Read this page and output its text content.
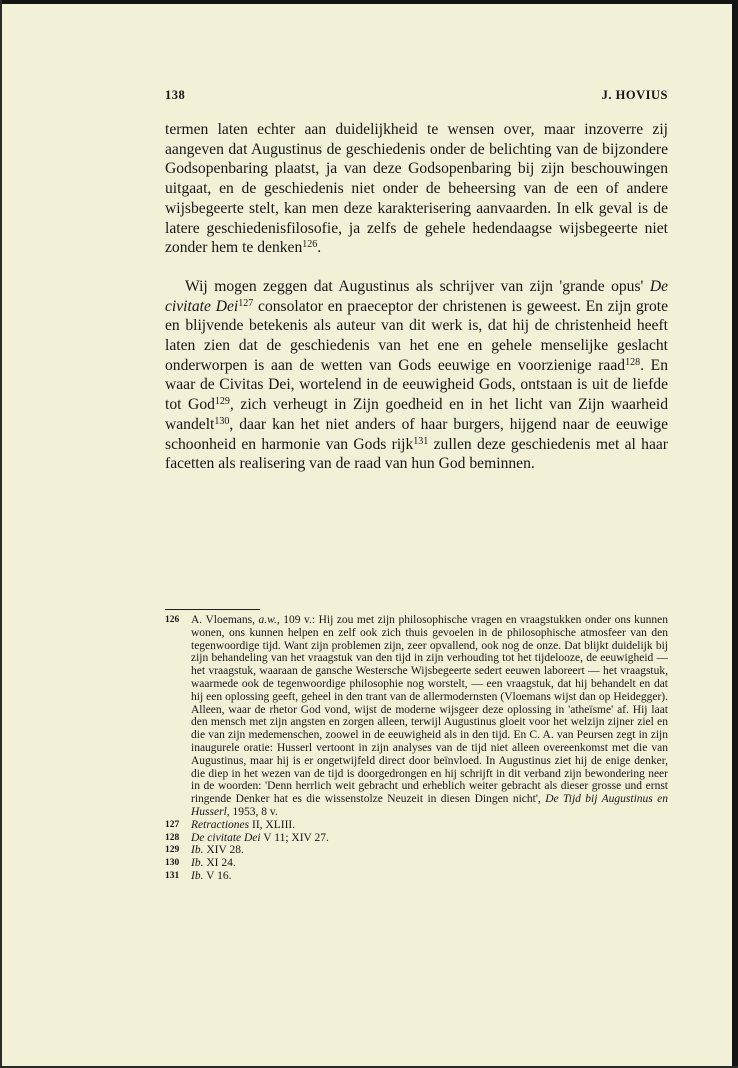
138	J. HOVIUS

termen laten echter aan duidelijkheid te wensen over, maar inzoverre zij aangeven dat Augustinus de geschiedenis onder de belichting van de bijzondere Godsopenbaring plaatst, ja van deze Godsopenbaring bij zijn beschouwingen uitgaat, en de geschiedenis niet onder de beheersing van de een of andere wijsbegeerte stelt, kan men deze karakterisering aanvaarden. In elk geval is de latere geschiedenisfilosofie, ja zelfs de gehele hedendaagse wijsbegeerte niet zonder hem te denken$^{126}$.

Wij mogen zeggen dat Augustinus als schrijver van zijn 'grande opus' De civitate Dei$^{127}$ consolator en praeceptor der christenen is geweest. En zijn grote en blijvende betekenis als auteur van dit werk is, dat hij de christenheid heeft laten zien dat de geschiedenis van het ene en gehele menselijke geslacht onderworpen is aan de wetten van Gods eeuwige en voorzienige raad$^{128}$. En waar de Civitas Dei, wortelend in de eeuwigheid Gods, ontstaan is uit de liefde tot God$^{129}$, zich verheugt in Zijn goedheid en in het licht van Zijn waarheid wandelt$^{130}$, daar kan het niet anders of haar burgers, hijgend naar de eeuwige schoonheid en harmonie van Gods rijk$^{131}$ zullen deze geschiedenis met al haar facetten als realisering van de raad van hun God beminnen.

126 A. Vloemans, a.w., 109 v.: Hij zou met zijn philosophische vragen en vraagstukken onder ons kunnen wonen, ons kunnen helpen en zelf ook zich thuis gevoelen in de philosophische atmosfeer van den tegenwoordige tijd. Want zijn problemen zijn, zeer opvallend, ook nog de onze. Dat blijkt duidelijk bij zijn behandeling van het vraagstuk van den tijd in zijn verhouding tot het tijdelooze, de eeuwigheid — het vraagstuk, waaraan de gansche Westersche Wijsbegeerte sedert eeuwen laboreert — het vraagstuk, waarmede ook de tegenwoordige philosophie nog worstelt, — een vraagstuk, dat hij behandelt en dat hij een oplossing geeft, geheel in den trant van de allermodernsten (Vloemans wijst dan op Heidegger). Alleen, waar de rhetor God vond, wijst de moderne wijsgeer deze oplossing in 'atheïsme' af. Hij laat den mensch met zijn angsten en zorgen alleen, terwijl Augustinus gloeit voor het welzijn zijner ziel en die van zijn medemenschen, zoowel in de eeuwigheid als in den tijd. En C. A. van Peursen zegt in zijn inaugurele oratie: Husserl vertoont in zijn analyses van de tijd niet alleen overeenkomst met die van Augustinus, maar hij is er ongetwijfeld direct door beïnvloed. In Augustinus ziet hij de enige denker, die diep in het wezen van de tijd is doorgedrongen en hij schrijft in dit verband zijn bewondering neer in de woorden: 'Denn herrlich weit gebracht und erheblich weiter gebracht als dieser grosse und ernst ringende Denker hat es die wissenstolze Neuzeit in diesen Dingen nicht', De Tijd bij Augustinus en Husserl, 1953, 8 v.
127 Retractiones II, XLIII.
128 De civitate Dei V 11; XIV 27.
129 Ib. XIV 28.
130 Ib. XI 24.
131 Ib. V 16.
